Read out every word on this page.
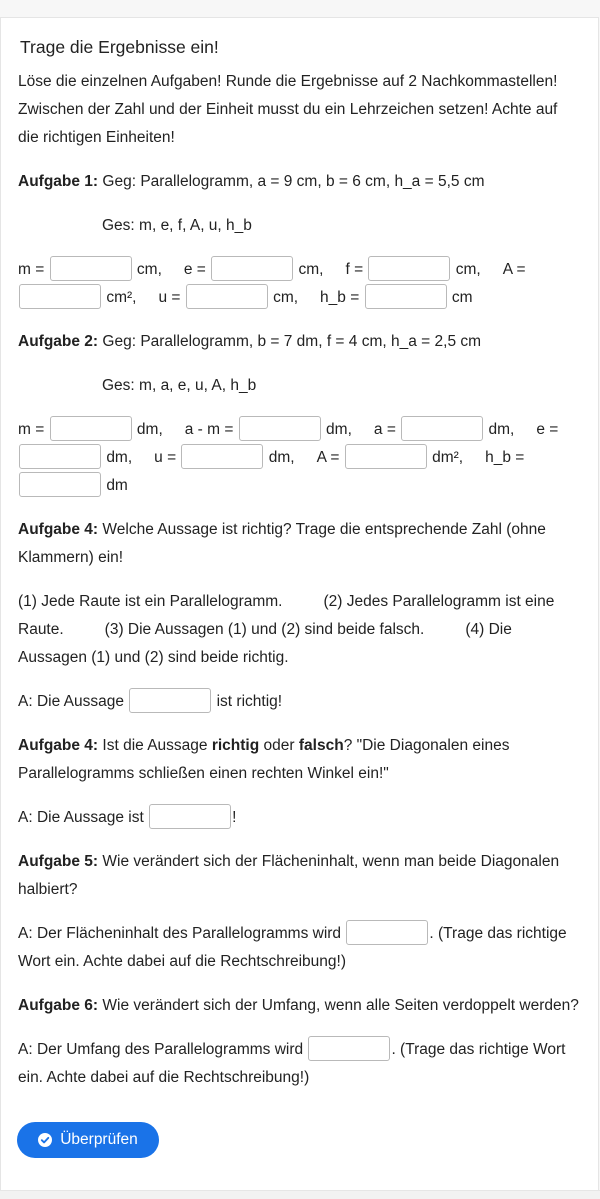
Trage die Ergebnisse ein!

Löse die einzelnen Aufgaben! Runde die Ergebnisse auf 2 Nachkommastellen! Zwischen der Zahl und der Einheit musst du ein Lehrzeichen setzen! Achte auf die richtigen Einheiten!

Aufgabe 1: Geg: Parallelogramm, a = 9 cm, b = 6 cm, h_a = 5,5 cm

Ges: m, e, f, A, u, h_b

m =	cm, e =	cm, f =	cm, A =  cm², u =	cm, h_b =	cm

Aufgabe 2: Geg: Parallelogramm, b = 7 dm, f = 4 cm, h_a = 2,5 cm

Ges: m, a, e, u, A, h_b

m =	dm, a - m =	dm, a =	dm, e =  dm, u =	dm, A =	dm², h_b =  dm

Aufgabe 4: Welche Aussage ist richtig? Trage die entsprechende Zahl (ohne Klammern) ein!

(1) Jede Raute ist ein Parallelogramm.	(2) Jedes Parallelogramm ist eine Raute.	(3) Die Aussagen (1) und (2) sind beide falsch.	(4) Die Aussagen (1) und (2) sind beide richtig.

A: Die Aussage	ist richtig!

Aufgabe 4: Ist die Aussage richtig oder falsch? "Die Diagonalen eines Parallelogramms schließen einen rechten Winkel ein!"

A: Die Aussage ist	!

Aufgabe 5: Wie verändert sich der Flächeninhalt, wenn man beide Diagonalen halbiert?

A: Der Flächeninhalt des Parallelogramms wird	. (Trage das richtige Wort ein. Achte dabei auf die Rechtschreibung!)

Aufgabe 6: Wie verändert sich der Umfang, wenn alle Seiten verdoppelt werden?

A: Der Umfang des Parallelogramms wird	. (Trage das richtige Wort ein. Achte dabei auf die Rechtschreibung!)

Überprüfen
